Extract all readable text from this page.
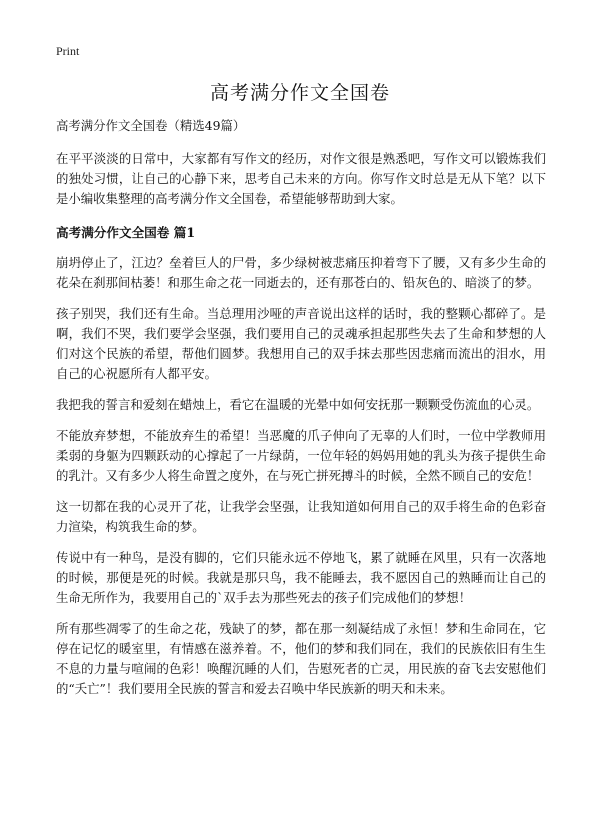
Print
高考满分作文全国卷

高考满分作文全国卷（精选49篇）

在平平淡淡的日常中，大家都有写作文的经历，对作文很是熟悉吧，写作文可以锻炼我们的独处习惯，让自己的心静下来，思考自己未来的方向。你写作文时总是无从下笔？以下是小编收集整理的高考满分作文全国卷，希望能够帮助到大家。

高考满分作文全国卷 篇1

崩坍停止了，江边？垒着巨人的尸骨，多少绿树被悲痛压抑着弯下了腰，又有多少生命的花朵在刹那间枯萎！和那生命之花一同逝去的，还有那苍白的、铅灰色的、暗淡了的梦。

孩子别哭，我们还有生命。当总理用沙哑的声音说出这样的话时，我的整颗心都碎了。是啊，我们不哭，我们要学会坚强，我们要用自己的灵魂承担起那些失去了生命和梦想的人们对这个民族的希望，帮他们圆梦。我想用自己的双手抹去那些因悲痛而流出的泪水，用自己的心祝愿所有人都平安。

我把我的誓言和爱刻在蜡烛上，看它在温暖的光晕中如何安抚那一颗颗受伤流血的心灵。

不能放弃梦想，不能放弃生的希望！当恶魔的爪子伸向了无辜的人们时，一位中学教师用柔弱的身躯为四颗跃动的心撑起了一片绿荫，一位年轻的妈妈用她的乳头为孩子提供生命的乳汁。又有多少人将生命置之度外，在与死亡拼死搏斗的时候，全然不顾自己的安危！

这一切都在我的心灵开了花，让我学会坚强，让我知道如何用自己的双手将生命的色彩奋力渲染，构筑我生命的梦。

传说中有一种鸟，是没有脚的，它们只能永远不停地飞，累了就睡在风里，只有一次落地的时候，那便是死的时候。我就是那只鸟，我不能睡去，我不愿因自己的熟睡而让自己的生命无所作为，我要用自己的`双手去为那些死去的孩子们完成他们的梦想！

所有那些凋零了的生命之花，残缺了的梦，都在那一刻凝结成了永恒！梦和生命同在，它停在记忆的暖室里，有情感在滋养着。不，他们的梦和我们同在，我们的民族依旧有生生不息的力量与喧闹的色彩！唤醒沉睡的人们，告慰死者的亡灵，用民族的奋飞去安慰他们的“夭亡”！我们要用全民族的誓言和爱去召唤中华民族新的明天和未来。
